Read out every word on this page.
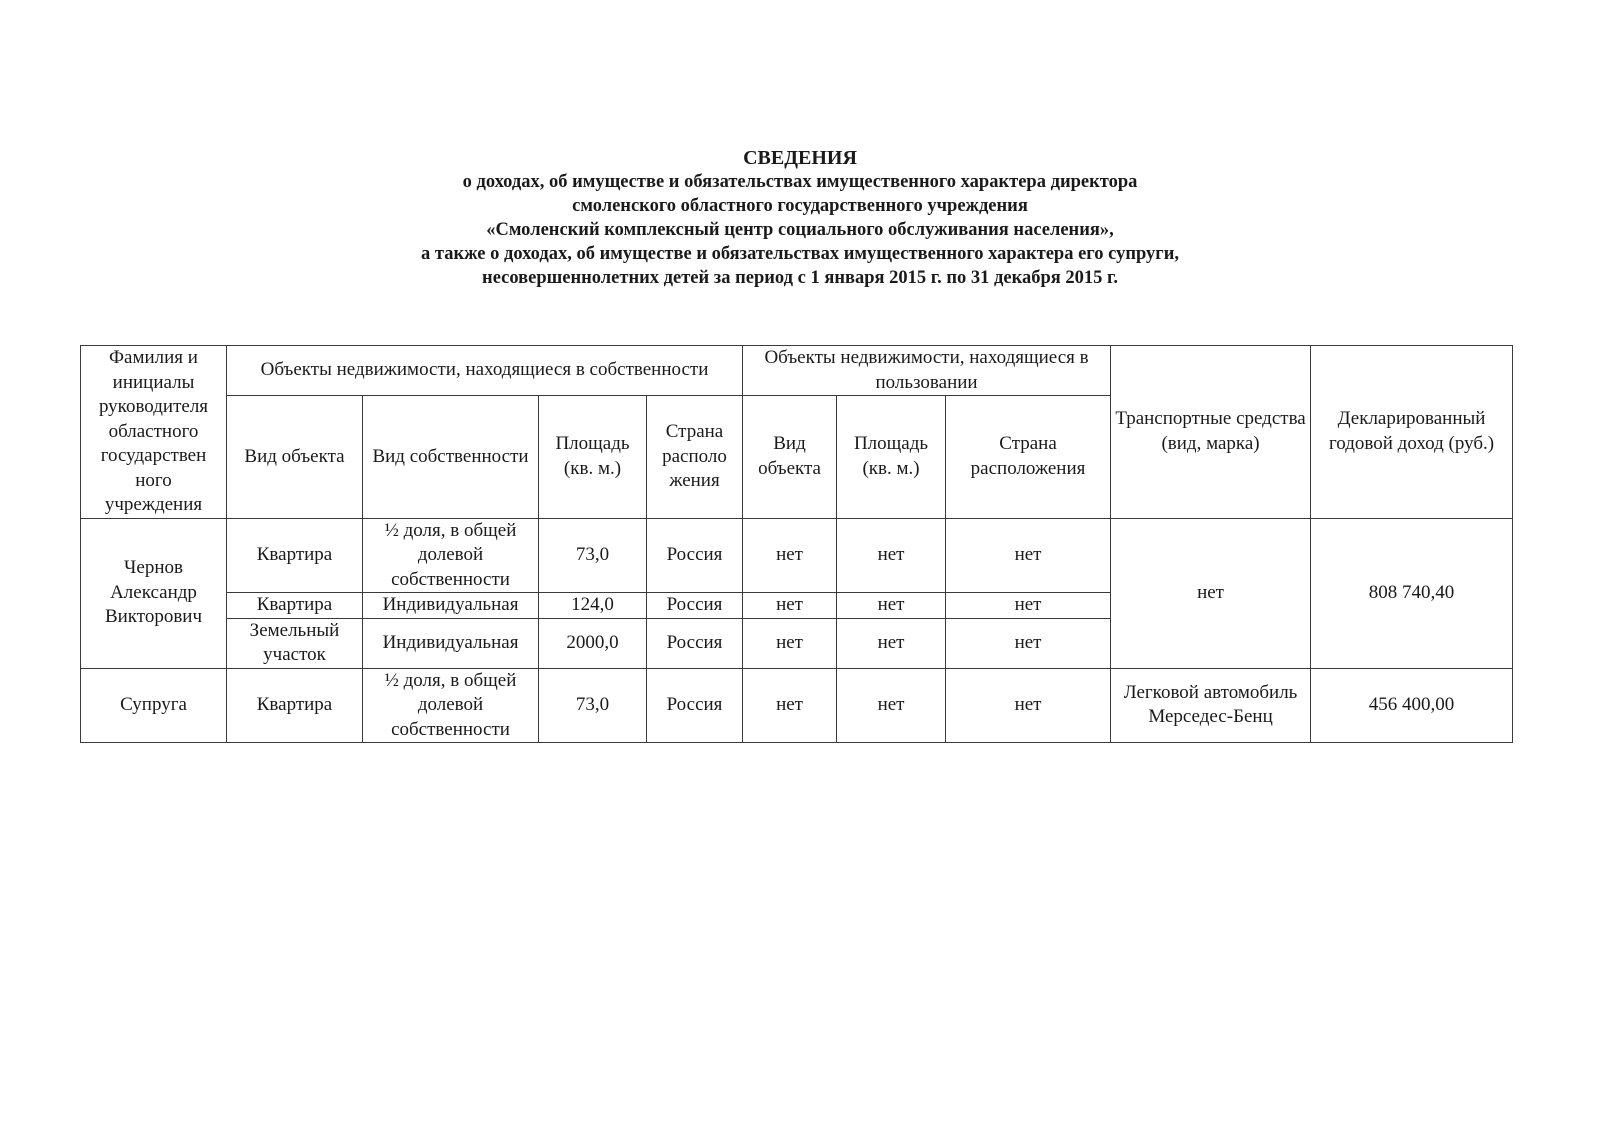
СВЕДЕНИЯ
о доходах, об имуществе и обязательствах имущественного характера директора
смоленского областного государственного учреждения
«Смоленский комплексный центр социального обслуживания населения»,
а также о доходах, об имуществе и обязательствах имущественного характера его супруги,
несовершеннолетних детей за период с 1 января 2015 г. по 31 декабря 2015 г.
Фамилия и инициалы руководителя областного государствен ного учреждения	Объекты недвижимости, находящиеся в собственности				Объекты недвижимости, находящиеся в пользовании			Транспортные средства (вид, марка)	Декларированный годовой доход (руб.)
	Вид объекта	Вид собственности	Площадь (кв. м.)	Страна располо жения	Вид объекта	Площадь (кв. м.)	Страна расположения		
Чернов Александр Викторович	Квартира	½ доля, в общей долевой собственности	73,0	Россия	нет	нет	нет	нет	808 740,40
	Квартира	Индивидуальная	124,0	Россия	нет	нет	нет		
	Земельный участок	Индивидуальная	2000,0	Россия	нет	нет	нет		
Супруга	Квартира	½ доля, в общей долевой собственности	73,0	Россия	нет	нет	нет	Легковой автомобиль Мерседес-Бенц	456 400,00
